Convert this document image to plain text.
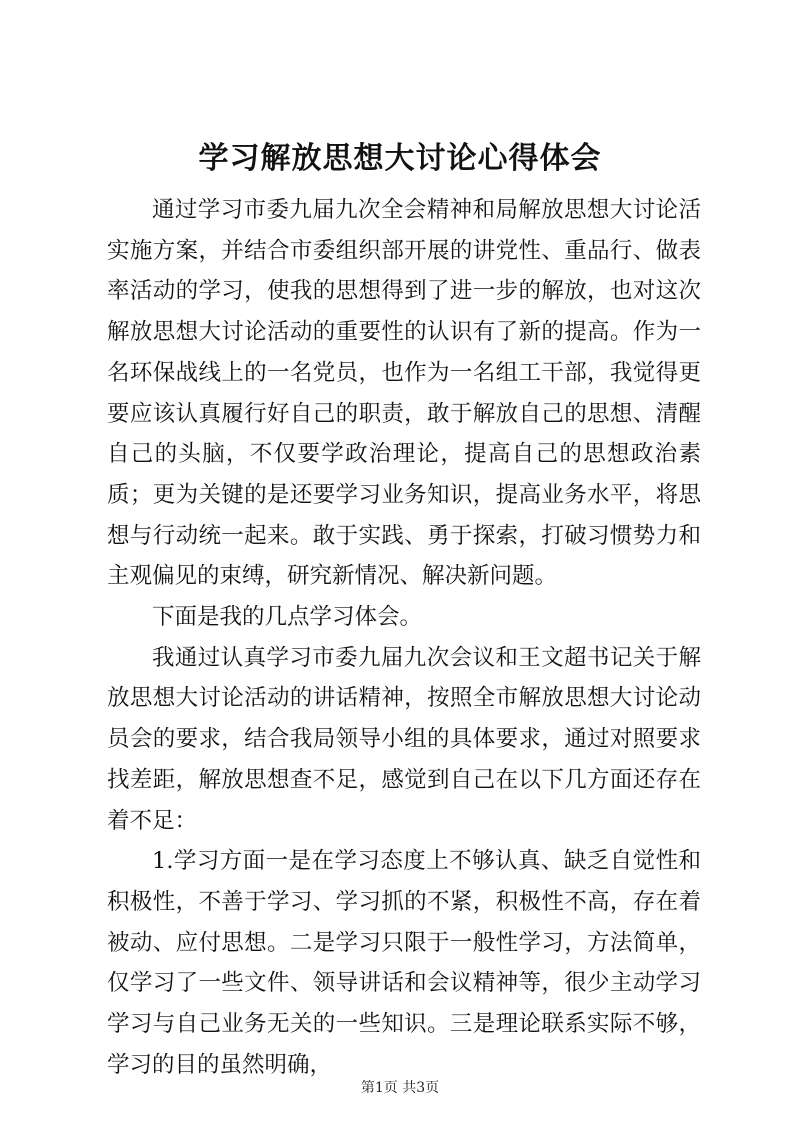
学习解放思想大讨论心得体会

通过学习市委九届九次全会精神和局解放思想大讨论活实施方案，并结合市委组织部开展的讲党性、重品行、做表率活动的学习，使我的思想得到了进一步的解放，也对这次解放思想大讨论活动的重要性的认识有了新的提高。作为一名环保战线上的一名党员，也作为一名组工干部，我觉得更要应该认真履行好自己的职责，敢于解放自己的思想、清醒自己的头脑，不仅要学政治理论，提高自己的思想政治素质；更为关键的是还要学习业务知识，提高业务水平，将思想与行动统一起来。敢于实践、勇于探索，打破习惯势力和主观偏见的束缚，研究新情况、解决新问题。

下面是我的几点学习体会。

我通过认真学习市委九届九次会议和王文超书记关于解放思想大讨论活动的讲话精神，按照全市解放思想大讨论动员会的要求，结合我局领导小组的具体要求，通过对照要求找差距，解放思想查不足，感觉到自己在以下几方面还存在着不足：

1.学习方面一是在学习态度上不够认真、缺乏自觉性和积极性，不善于学习、学习抓的不紧，积极性不高，存在着被动、应付思想。二是学习只限于一般性学习，方法简单，仅学习了一些文件、领导讲话和会议精神等，很少主动学习学习与自己业务无关的一些知识。三是理论联系实际不够，学习的目的虽然明确，

第1页 共3页
